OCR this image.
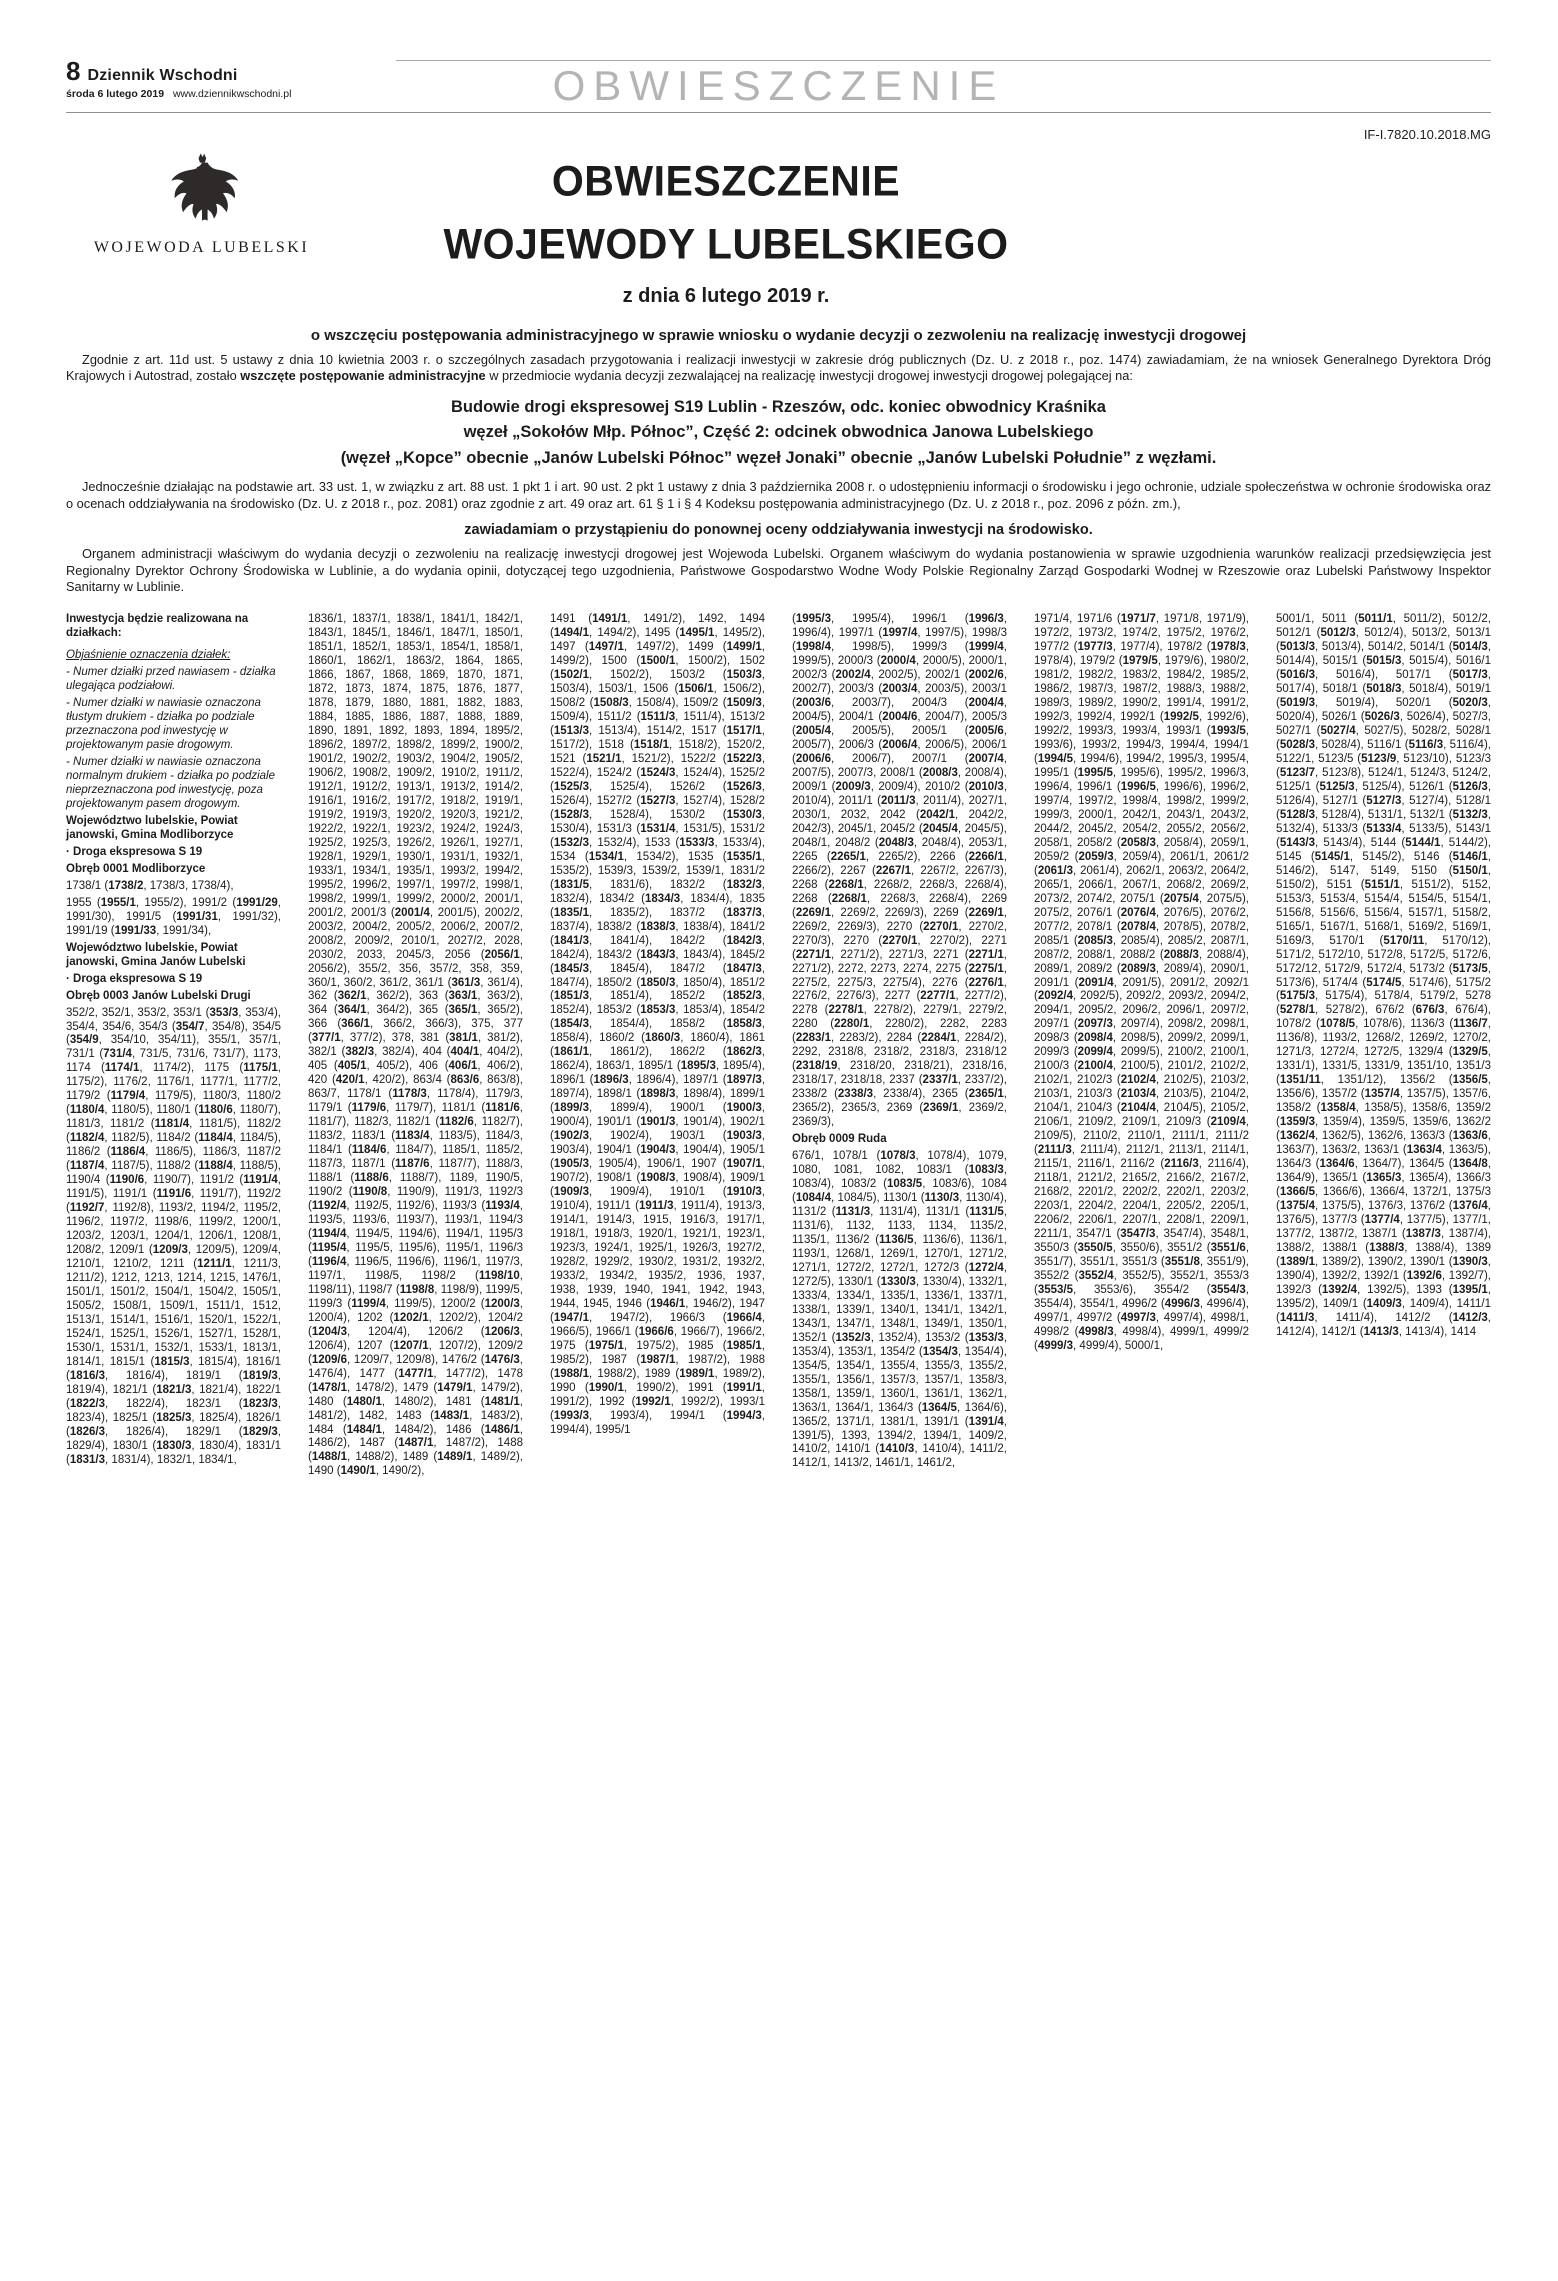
8 Dziennik Wschodni
środa 6 lutego 2019 www.dziennikwschodni.pl	OBWIESZCZENIE
IF-I.7820.10.2018.MG
WOJEWODA LUBELSKI
OBWIESZCZENIE
WOJEWODY LUBELSKIEGO
z dnia 6 lutego 2019 r.
o wszczęciu postępowania administracyjnego w sprawie wniosku o wydanie decyzji o zezwoleniu na realizację inwestycji drogowej

Zgodnie z art. 11d ust. 5 ustawy z dnia 10 kwietnia 2003 r. o szczególnych zasadach przygotowania i realizacji inwestycji w zakresie dróg publicznych (Dz. U. z 2018 r., poz. 1474) zawiadamiam, że na wniosek Generalnego Dyrektora Dróg Krajowych i Autostrad, zostało wszczęte postępowanie administracyjne w przedmiocie wydania decyzji zezwalającej na realizację inwestycji drogowej inwestycji drogowej polegającej na:

Budowie drogi ekspresowej S19 Lublin - Rzeszów, odc. koniec obwodnicy Kraśnika
węzeł „Sokołów Młp. Północ”, Część 2: odcinek obwodnica Janowa Lubelskiego
(węzeł „Kopce” obecnie „Janów Lubelski Północ” węzeł Jonaki” obecnie „Janów Lubelski Południe” z węzłami.

Jednocześnie działając na podstawie art. 33 ust. 1, w związku z art. 88 ust. 1 pkt 1 i art. 90 ust. 2 pkt 1 ustawy z dnia 3 października 2008 r. o udostępnieniu informacji o środowisku i jego ochronie, udziale społeczeństwa w ochronie środowiska oraz o ocenach oddziaływania na środowisko (Dz. U. z 2018 r., poz. 2081) oraz zgodnie z art. 49 oraz art. 61 § 1 i § 4 Kodeksu postępowania administracyjnego (Dz. U. z 2018 r., poz. 2096 z późn. zm.),

zawiadamiam o przystąpieniu do ponownej oceny oddziaływania inwestycji na środowisko.

Organem administracji właściwym do wydania decyzji o zezwoleniu na realizację inwestycji drogowej jest Wojewoda Lubelski. Organem właściwym do wydania postanowienia w sprawie uzgodnienia warunków realizacji przedsięwzięcia jest Regionalny Dyrektor Ochrony Środowiska w Lublinie, a do wydania opinii, dotyczącej tego uzgodnienia, Państwowe Gospodarstwo Wodne Wody Polskie Regionalny Zarząd Gospodarki Wodnej w Rzeszowie oraz Lubelski Państwowy Inspektor Sanitarny w Lublinie.

Inwestycja będzie realizowana na działkach:
Objaśnienie oznaczenia działek:
- Numer działki przed nawiasem - działka ulegająca podziałowi.
- Numer działki w nawiasie oznaczona tłustym drukiem - działka po podziale przeznaczona pod inwestycję w projektowanym pasie drogowym.
- Numer działki w nawiasie oznaczona normalnym drukiem - działka po podziale nieprzeznaczona pod inwestycję, poza projektowanym pasem drogowym.
Województwo lubelskie, Powiat janowski, Gmina Modliborzyce
· Droga ekspresowa S 19
Obręb 0001 Modliborzyce
1738/1 (1738/2, 1738/3, 1738/4),
1955 (1955/1, 1955/2), 1991/2 (1991/29, 1991/30), 1991/5 (1991/31, 1991/32), 1991/19 (1991/33, 1991/34),
Województwo lubelskie, Powiat janowski, Gmina Janów Lubelski
· Droga ekspresowa S 19
Obręb 0003 Janów Lubelski Drugi
352/2, 352/1, 353/2, 353/1 (353/3, 353/4), 354/4, 354/6, 354/3 (354/7, 354/8), 354/5 (354/9, 354/10, 354/11), 355/1, 357/1, 731/1 (731/4, 731/5, 731/6, 731/7), 1173, 1174 (1174/1, 1174/2), 1175 (1175/1, 1175/2), 1176/2, 1176/1, 1177/1, 1177/2, 1179/2 (1179/4, 1179/5), 1180/3, 1180/2 (1180/4, 1180/5), 1180/1 (1180/6, 1180/7), 1181/3, 1181/2 (1181/4, 1181/5), 1182/2 (1182/4, 1182/5), 1184/2 (1184/4, 1184/5), 1186/2 (1186/4, 1186/5), 1186/3, 1187/2 (1187/4, 1187/5), 1188/2 (1188/4, 1188/5), 1190/4 (1190/6, 1190/7), 1191/2 (1191/4, 1191/5), 1191/1 (1191/6, 1191/7), 1192/2 (1192/7, 1192/8), 1193/2, 1194/2, 1195/2, 1196/2, 1197/2, 1198/6, 1199/2, 1200/1, 1203/2, 1203/1, 1204/1, 1206/1, 1208/1, 1208/2, 1209/1 (1209/3, 1209/5), 1209/4, 1210/1, 1210/2, 1211 (1211/1, 1211/3, 1211/2), 1212, 1213, 1214, 1215, 1476/1, 1501/1, 1501/2, 1504/1, 1504/2, 1505/1, 1505/2, 1508/1, 1509/1, 1511/1, 1512, 1513/1, 1514/1, 1516/1, 1520/1, 1522/1, 1524/1, 1525/1, 1526/1, 1527/1, 1528/1, 1530/1, 1531/1, 1532/1, 1533/1, 1813/1, 1814/1, 1815/1 (1815/3, 1815/4), 1816/1 (1816/3, 1816/4), 1819/1 (1819/3, 1819/4), 1821/1 (1821/3, 1821/4), 1822/1 (1822/3, 1822/4), 1823/1 (1823/3, 1823/4), 1825/1 (1825/3, 1825/4), 1826/1 (1826/3, 1826/4), 1829/1 (1829/3, 1829/4), 1830/1 (1830/3, 1830/4), 1831/1 (1831/3, 1831/4), 1832/1, 1834/1,
1836/1, 1837/1, 1838/1, 1841/1, 1842/1, 1843/1, 1845/1, 1846/1, 1847/1, 1850/1, 1851/1, 1852/1, 1853/1, 1854/1, 1858/1, 1860/1, 1862/1, 1863/2, 1864, 1865, 1866, 1867, 1868, 1869, 1870, 1871, 1872, 1873, 1874, 1875, 1876, 1877, 1878, 1879, 1880, 1881, 1882, 1883, 1884, 1885, 1886, 1887, 1888, 1889, 1890, 1891, 1892, 1893, 1894, 1895/2, 1896/2, 1897/2, 1898/2, 1899/2, 1900/2, 1901/2, 1902/2, 1903/2, 1904/2, 1905/2, 1906/2, 1908/2, 1909/2, 1910/2, 1911/2, 1912/1, 1912/2, 1913/1, 1913/2, 1914/2, 1916/1, 1916/2, 1917/2, 1918/2, 1919/1, 1919/2, 1919/3, 1920/2, 1920/3, 1921/2, 1922/2, 1922/1, 1923/2, 1924/2, 1924/3, 1925/2, 1925/3, 1926/2, 1926/1, 1927/1, 1928/1, 1929/1, 1930/1, 1931/1, 1932/1, 1933/1, 1934/1, 1935/1, 1993/2, 1994/2, 1995/2, 1996/2, 1997/1, 1997/2, 1998/1, 1998/2, 1999/1, 1999/2, 2000/2, 2001/1, 2001/2, 2001/3 (2001/4, 2001/5), 2002/2, 2003/2, 2004/2, 2005/2, 2006/2, 2007/2, 2008/2, 2009/2, 2010/1, 2027/2, 2028, 2030/2, 2033, 2045/3, 2056 (2056/1, 2056/2), 355/2, 356, 357/2, 358, 359, 360/1, 360/2, 361/2, 361/1 (361/3, 361/4), 362 (362/1, 362/2), 363 (363/1, 363/2), 364 (364/1, 364/2), 365 (365/1, 365/2), 366 (366/1, 366/2, 366/3), 375, 377 (377/1, 377/2), 378, 381 (381/1, 381/2), 382/1 (382/3, 382/4), 404 (404/1, 404/2), 405 (405/1, 405/2), 406 (406/1, 406/2), 420 (420/1, 420/2), 863/4 (863/6, 863/8), 863/7, 1178/1 (1178/3, 1178/4), 1179/3, 1179/1 (1179/6, 1179/7), 1181/1 (1181/6, 1181/7), 1182/3, 1182/1 (1182/6, 1182/7), 1183/2, 1183/1 (1183/4, 1183/5), 1184/3, 1184/1 (1184/6, 1184/7), 1185/1, 1185/2, 1187/3, 1187/1 (1187/6, 1187/7), 1188/3, 1188/1 (1188/6, 1188/7), 1189, 1190/5, 1190/2 (1190/8, 1190/9), 1191/3, 1192/3 (1192/4, 1192/5, 1192/6), 1193/3 (1193/4, 1193/5, 1193/6, 1193/7), 1193/1, 1194/3 (1194/4, 1194/5, 1194/6), 1194/1, 1195/3 (1195/4, 1195/5, 1195/6), 1195/1, 1196/3 (1196/4, 1196/5, 1196/6), 1196/1, 1197/3, 1197/1, 1198/5, 1198/2 (1198/10, 1198/11), 1198/7 (1198/8, 1198/9), 1199/5, 1199/3 (1199/4, 1199/5), 1200/2 (1200/3, 1200/4), 1202 (1202/1, 1202/2), 1204/2 (1204/3, 1204/4), 1206/2 (1206/3, 1206/4), 1207 (1207/1, 1207/2), 1209/2 (1209/6, 1209/7, 1209/8), 1476/2 (1476/3, 1476/4), 1477 (1477/1, 1477/2), 1478 (1478/1, 1478/2), 1479 (1479/1, 1479/2), 1480 (1480/1, 1480/2), 1481 (1481/1, 1481/2), 1482, 1483 (1483/1, 1483/2), 1484 (1484/1, 1484/2), 1486 (1486/1, 1486/2), 1487 (1487/1, 1487/2), 1488 (1488/1, 1488/2), 1489 (1489/1, 1489/2), 1490 (1490/1, 1490/2),
1491 (1491/1, 1491/2), 1492, 1494 (1494/1, 1494/2), 1495 (1495/1, 1495/2), 1497 (1497/1, 1497/2), 1499 (1499/1, 1499/2), 1500 (1500/1, 1500/2), 1502 (1502/1, 1502/2), 1503/2 (1503/3, 1503/4), 1503/1, 1506 (1506/1, 1506/2), 1508/2 (1508/3, 1508/4), 1509/2 (1509/3, 1509/4), 1511/2 (1511/3, 1511/4), 1513/2 (1513/3, 1513/4), 1514/2, 1517 (1517/1, 1517/2), 1518 (1518/1, 1518/2), 1520/2, 1521 (1521/1, 1521/2), 1522/2 (1522/3, 1522/4), 1524/2 (1524/3, 1524/4), 1525/2 (1525/3, 1525/4), 1526/2 (1526/3, 1526/4), 1527/2 (1527/3, 1527/4), 1528/2 (1528/3, 1528/4), 1530/2 (1530/3, 1530/4), 1531/3 (1531/4, 1531/5), 1531/2 (1532/3, 1532/4), 1533 (1533/3, 1533/4), 1534 (1534/1, 1534/2), 1535 (1535/1, 1535/2), 1539/3, 1539/2, 1539/1, 1831/2 (1831/5, 1831/6), 1832/2 (1832/3, 1832/4), 1834/2 (1834/3, 1834/4), 1835 (1835/1, 1835/2), 1837/2 (1837/3, 1837/4), 1838/2 (1838/3, 1838/4), 1841/2 (1841/3, 1841/4), 1842/2 (1842/3, 1842/4), 1843/2 (1843/3, 1843/4), 1845/2 (1845/3, 1845/4), 1847/2 (1847/3, 1847/4), 1850/2 (1850/3, 1850/4), 1851/2 (1851/3, 1851/4), 1852/2 (1852/3, 1852/4), 1853/2 (1853/3, 1853/4), 1854/2 (1854/3, 1854/4), 1858/2 (1858/3, 1858/4), 1860/2 (1860/3, 1860/4), 1861 (1861/1, 1861/2), 1862/2 (1862/3, 1862/4), 1863/1, 1895/1 (1895/3, 1895/4), 1896/1 (1896/3, 1896/4), 1897/1 (1897/3, 1897/4), 1898/1 (1898/3, 1898/4), 1899/1 (1899/3, 1899/4), 1900/1 (1900/3, 1900/4), 1901/1 (1901/3, 1901/4), 1902/1 (1902/3, 1902/4), 1903/1 (1903/3, 1903/4), 1904/1 (1904/3, 1904/4), 1905/1 (1905/3, 1905/4), 1906/1, 1907 (1907/1, 1907/2), 1908/1 (1908/3, 1908/4), 1909/1 (1909/3, 1909/4), 1910/1 (1910/3, 1910/4), 1911/1 (1911/3, 1911/4), 1913/3, 1914/1, 1914/3, 1915, 1916/3, 1917/1, 1918/1, 1918/3, 1920/1, 1921/1, 1923/1, 1923/3, 1924/1, 1925/1, 1926/3, 1927/2, 1928/2, 1929/2, 1930/2, 1931/2, 1932/2, 1933/2, 1934/2, 1935/2, 1936, 1937, 1938, 1939, 1940, 1941, 1942, 1943, 1944, 1945, 1946 (1946/1, 1946/2), 1947 (1947/1, 1947/2), 1966/3 (1966/4, 1966/5), 1966/1 (1966/6, 1966/7), 1966/2, 1975 (1975/1, 1975/2), 1985 (1985/1, 1985/2), 1987 (1987/1, 1987/2), 1988 (1988/1, 1988/2), 1989 (1989/1, 1989/2), 1990 (1990/1, 1990/2), 1991 (1991/1, 1991/2), 1992 (1992/1, 1992/2), 1993/1 (1993/3, 1993/4), 1994/1 (1994/3, 1994/4), 1995/1
(1995/3, 1995/4), 1996/1 (1996/3, 1996/4), 1997/1 (1997/4, 1997/5), 1998/3 (1998/4, 1998/5), 1999/3 (1999/4, 1999/5), 2000/3 (2000/4, 2000/5), 2000/1, 2002/3 (2002/4, 2002/5), 2002/1 (2002/6, 2002/7), 2003/3 (2003/4, 2003/5), 2003/1 (2003/6, 2003/7), 2004/3 (2004/4, 2004/5), 2004/1 (2004/6, 2004/7), 2005/3 (2005/4, 2005/5), 2005/1 (2005/6, 2005/7), 2006/3 (2006/4, 2006/5), 2006/1 (2006/6, 2006/7), 2007/1 (2007/4, 2007/5), 2007/3, 2008/1 (2008/3, 2008/4), 2009/1 (2009/3, 2009/4), 2010/2 (2010/3, 2010/4), 2011/1 (2011/3, 2011/4), 2027/1, 2030/1, 2032, 2042 (2042/1, 2042/2, 2042/3), 2045/1, 2045/2 (2045/4, 2045/5), 2048/1, 2048/2 (2048/3, 2048/4), 2053/1, 2265 (2265/1, 2265/2), 2266 (2266/1, 2266/2), 2267 (2267/1, 2267/2, 2267/3), 2268 (2268/1, 2268/2, 2268/3, 2268/4), 2268 (2268/1, 2268/3, 2268/4), 2269 (2269/1, 2269/2, 2269/3), 2269 (2269/1, 2269/2, 2269/3), 2270 (2270/1, 2270/2, 2270/3), 2270 (2270/1, 2270/2), 2271 (2271/1, 2271/2), 2271/3, 2271 (2271/1, 2271/2), 2272, 2273, 2274, 2275 (2275/1, 2275/2, 2275/3, 2275/4), 2276 (2276/1, 2276/2, 2276/3), 2277 (2277/1, 2277/2), 2278 (2278/1, 2278/2), 2279/1, 2279/2, 2280 (2280/1, 2280/2), 2282, 2283 (2283/1, 2283/2), 2284 (2284/1, 2284/2), 2292, 2318/8, 2318/2, 2318/3, 2318/12 (2318/19, 2318/20, 2318/21), 2318/16, 2318/17, 2318/18, 2337 (2337/1, 2337/2), 2338/2 (2338/3, 2338/4), 2365 (2365/1, 2365/2), 2365/3, 2369 (2369/1, 2369/2, 2369/3),
Obręb 0009 Ruda
676/1, 1078/1 (1078/3, 1078/4), 1079, 1080, 1081, 1082, 1083/1 (1083/3, 1083/4), 1083/2 (1083/5, 1083/6), 1084 (1084/4, 1084/5), 1130/1 (1130/3, 1130/4), 1131/2 (1131/3, 1131/4), 1131/1 (1131/5, 1131/6), 1132, 1133, 1134, 1135/2, 1135/1, 1136/2 (1136/5, 1136/6), 1136/1, 1193/1, 1268/1, 1269/1, 1270/1, 1271/2, 1271/1, 1272/2, 1272/1, 1272/3 (1272/4, 1272/5), 1330/1 (1330/3, 1330/4), 1332/1, 1333/4, 1334/1, 1335/1, 1336/1, 1337/1, 1338/1, 1339/1, 1340/1, 1341/1, 1342/1, 1343/1, 1347/1, 1348/1, 1349/1, 1350/1, 1352/1 (1352/3, 1352/4), 1353/2 (1353/3, 1353/4), 1353/1, 1354/2 (1354/3, 1354/4), 1354/5, 1354/1, 1355/4, 1355/3, 1355/2, 1355/1, 1356/1, 1357/3, 1357/1, 1358/3, 1358/1, 1359/1, 1360/1, 1361/1, 1362/1, 1363/1, 1364/1, 1364/3 (1364/5, 1364/6), 1365/2, 1371/1, 1381/1, 1391/1 (1391/4, 1391/5), 1393, 1394/2, 1394/1, 1409/2, 1410/2, 1410/1 (1410/3, 1410/4), 1411/2, 1412/1, 1413/2, 1461/1, 1461/2,
1971/4, 1971/6 (1971/7, 1971/8, 1971/9), 1972/2, 1973/2, 1974/2, 1975/2, 1976/2, 1977/2 (1977/3, 1977/4), 1978/2 (1978/3, 1978/4), 1979/2 (1979/5, 1979/6), 1980/2, 1981/2, 1982/2, 1983/2, 1984/2, 1985/2, 1986/2, 1987/3, 1987/2, 1988/3, 1988/2, 1989/3, 1989/2, 1990/2, 1991/4, 1991/2, 1992/3, 1992/4, 1992/1 (1992/5, 1992/6), 1992/2, 1993/3, 1993/4, 1993/1 (1993/5, 1993/6), 1993/2, 1994/3, 1994/4, 1994/1 (1994/5, 1994/6), 1994/2, 1995/3, 1995/4, 1995/1 (1995/5, 1995/6), 1995/2, 1996/3, 1996/4, 1996/1 (1996/5, 1996/6), 1996/2, 1997/4, 1997/2, 1998/4, 1998/2, 1999/2, 1999/3, 2000/1, 2042/1, 2043/1, 2043/2, 2044/2, 2045/2, 2054/2, 2055/2, 2056/2, 2058/1, 2058/2 (2058/3, 2058/4), 2059/1, 2059/2 (2059/3, 2059/4), 2061/1, 2061/2 (2061/3, 2061/4), 2062/1, 2063/2, 2064/2, 2065/1, 2066/1, 2067/1, 2068/2, 2069/2, 2073/2, 2074/2, 2075/1 (2075/4, 2075/5), 2075/2, 2076/1 (2076/4, 2076/5), 2076/2, 2077/2, 2078/1 (2078/4, 2078/5), 2078/2, 2085/1 (2085/3, 2085/4), 2085/2, 2087/1, 2087/2, 2088/1, 2088/2 (2088/3, 2088/4), 2089/1, 2089/2 (2089/3, 2089/4), 2090/1, 2091/1 (2091/4, 2091/5), 2091/2, 2092/1 (2092/4, 2092/5), 2092/2, 2093/2, 2094/2, 2094/1, 2095/2, 2096/2, 2096/1, 2097/2, 2097/1 (2097/3, 2097/4), 2098/2, 2098/1, 2098/3 (2098/4, 2098/5), 2099/2, 2099/1, 2099/3 (2099/4, 2099/5), 2100/2, 2100/1, 2100/3 (2100/4, 2100/5), 2101/2, 2102/2, 2102/1, 2102/3 (2102/4, 2102/5), 2103/2, 2103/1, 2103/3 (2103/4, 2103/5), 2104/2, 2104/1, 2104/3 (2104/4, 2104/5), 2105/2, 2106/1, 2109/2, 2109/1, 2109/3 (2109/4, 2109/5), 2110/2, 2110/1, 2111/1, 2111/2 (2111/3, 2111/4), 2112/1, 2113/1, 2114/1, 2115/1, 2116/1, 2116/2 (2116/3, 2116/4), 2118/1, 2121/2, 2165/2, 2166/2, 2167/2, 2168/2, 2201/2, 2202/2, 2202/1, 2203/2, 2203/1, 2204/2, 2204/1, 2205/2, 2205/1, 2206/2, 2206/1, 2207/1, 2208/1, 2209/1, 2211/1, 3547/1 (3547/3, 3547/4), 3548/1, 3550/3 (3550/5, 3550/6), 3551/2 (3551/6, 3551/7), 3551/1, 3551/3 (3551/8, 3551/9), 3552/2 (3552/4, 3552/5), 3552/1, 3553/3 (3553/5, 3553/6), 3554/2 (3554/3, 3554/4), 3554/1, 4996/2 (4996/3, 4996/4), 4997/1, 4997/2 (4997/3, 4997/4), 4998/1, 4998/2 (4998/3, 4998/4), 4999/1, 4999/2 (4999/3, 4999/4), 5000/1,
5001/1, 5011 (5011/1, 5011/2), 5012/2, 5012/1 (5012/3, 5012/4), 5013/2, 5013/1 (5013/3, 5013/4), 5014/2, 5014/1 (5014/3, 5014/4), 5015/1 (5015/3, 5015/4), 5016/1 (5016/3, 5016/4), 5017/1 (5017/3, 5017/4), 5018/1 (5018/3, 5018/4), 5019/1 (5019/3, 5019/4), 5020/1 (5020/3, 5020/4), 5026/1 (5026/3, 5026/4), 5027/3, 5027/1 (5027/4, 5027/5), 5028/2, 5028/1 (5028/3, 5028/4), 5116/1 (5116/3, 5116/4), 5122/1, 5123/5 (5123/9, 5123/10), 5123/3 (5123/7, 5123/8), 5124/1, 5124/3, 5124/2, 5125/1 (5125/3, 5125/4), 5126/1 (5126/3, 5126/4), 5127/1 (5127/3, 5127/4), 5128/1 (5128/3, 5128/4), 5131/1, 5132/1 (5132/3, 5132/4), 5133/3 (5133/4, 5133/5), 5143/1 (5143/3, 5143/4), 5144 (5144/1, 5144/2), 5145 (5145/1, 5145/2), 5146 (5146/1, 5146/2), 5147, 5149, 5150 (5150/1, 5150/2), 5151 (5151/1, 5151/2), 5152, 5153/3, 5153/4, 5154/4, 5154/5, 5154/1, 5156/8, 5156/6, 5156/4, 5157/1, 5158/2, 5165/1, 5167/1, 5168/1, 5169/2, 5169/1, 5169/3, 5170/1 (5170/11, 5170/12), 5171/2, 5172/10, 5172/8, 5172/5, 5172/6, 5172/12, 5172/9, 5172/4, 5173/2 (5173/5, 5173/6), 5174/4 (5174/5, 5174/6), 5175/2 (5175/3, 5175/4), 5178/4, 5179/2, 5278 (5278/1, 5278/2), 676/2 (676/3, 676/4), 1078/2 (1078/5, 1078/6), 1136/3 (1136/7, 1136/8), 1193/2, 1268/2, 1269/2, 1270/2, 1271/3, 1272/4, 1272/5, 1329/4 (1329/5, 1331/1), 1331/5, 1331/9, 1351/10, 1351/3 (1351/11, 1351/12), 1356/2 (1356/5, 1356/6), 1357/2 (1357/4, 1357/5), 1357/6, 1358/2 (1358/4, 1358/5), 1358/6, 1359/2 (1359/3, 1359/4), 1359/5, 1359/6, 1362/2 (1362/4, 1362/5), 1362/6, 1363/3 (1363/6, 1363/7), 1363/2, 1363/1 (1363/4, 1363/5), 1364/3 (1364/6, 1364/7), 1364/5 (1364/8, 1364/9), 1365/1 (1365/3, 1365/4), 1366/3 (1366/5, 1366/6), 1366/4, 1372/1, 1375/3 (1375/4, 1375/5), 1376/3, 1376/2 (1376/4, 1376/5), 1377/3 (1377/4, 1377/5), 1377/1, 1377/2, 1387/2, 1387/1 (1387/3, 1387/4), 1388/2, 1388/1 (1388/3, 1388/4), 1389 (1389/1, 1389/2), 1390/2, 1390/1 (1390/3, 1390/4), 1392/2, 1392/1 (1392/6, 1392/7), 1392/3 (1392/4, 1392/5), 1393 (1395/1, 1395/2), 1409/1 (1409/3, 1409/4), 1411/1 (1411/3, 1411/4), 1412/2 (1412/3, 1412/4), 1412/1 (1413/3, 1413/4), 1414
